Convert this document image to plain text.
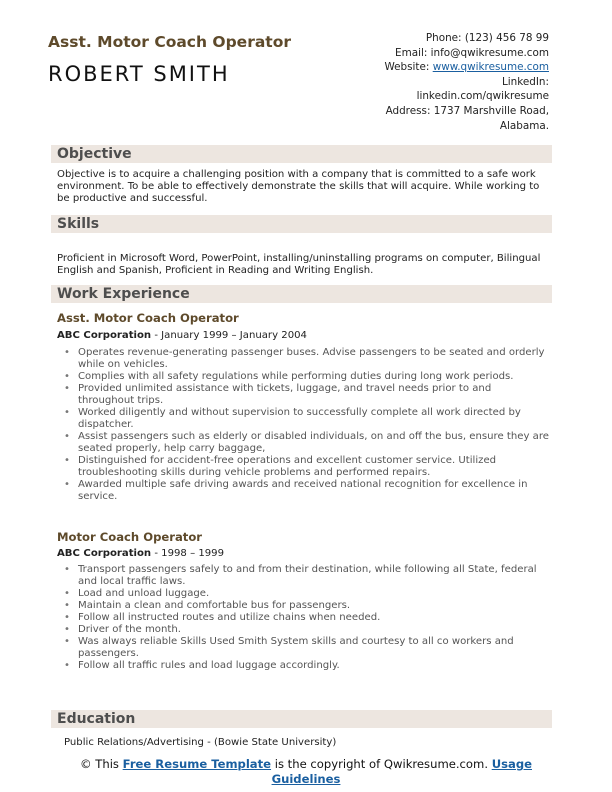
Asst. Motor Coach Operator
ROBERT SMITH
Phone: (123) 456 78 99
Email: info@qwikresume.com
Website: www.qwikresume.com
LinkedIn:
linkedin.com/qwikresume
Address: 1737 Marshville Road,
Alabama.
Objective
Objective is to acquire a challenging position with a company that is committed to a safe work environment. To be able to effectively demonstrate the skills that will acquire. While working to be productive and successful.
Skills
Proficient in Microsoft Word, PowerPoint, installing/uninstalling programs on computer, Bilingual English and Spanish, Proficient in Reading and Writing English.
Work Experience
Asst. Motor Coach Operator
ABC Corporation - January 1999 – January 2004
• Operates revenue-generating passenger buses. Advise passengers to be seated and orderly while on vehicles.
• Complies with all safety regulations while performing duties during long work periods.
• Provided unlimited assistance with tickets, luggage, and travel needs prior to and throughout trips.
• Worked diligently and without supervision to successfully complete all work directed by dispatcher.
• Assist passengers such as elderly or disabled individuals, on and off the bus, ensure they are seated properly, help carry baggage,
• Distinguished for accident-free operations and excellent customer service. Utilized troubleshooting skills during vehicle problems and performed repairs.
• Awarded multiple safe driving awards and received national recognition for excellence in service.
Motor Coach Operator
ABC Corporation - 1998 – 1999
• Transport passengers safely to and from their destination, while following all State, federal and local traffic laws.
• Load and unload luggage.
• Maintain a clean and comfortable bus for passengers.
• Follow all instructed routes and utilize chains when needed.
• Driver of the month.
• Was always reliable Skills Used Smith System skills and courtesy to all co workers and passengers.
• Follow all traffic rules and load luggage accordingly.
Education
Public Relations/Advertising - (Bowie State University)
© This Free Resume Template is the copyright of Qwikresume.com. Usage
Guidelines
